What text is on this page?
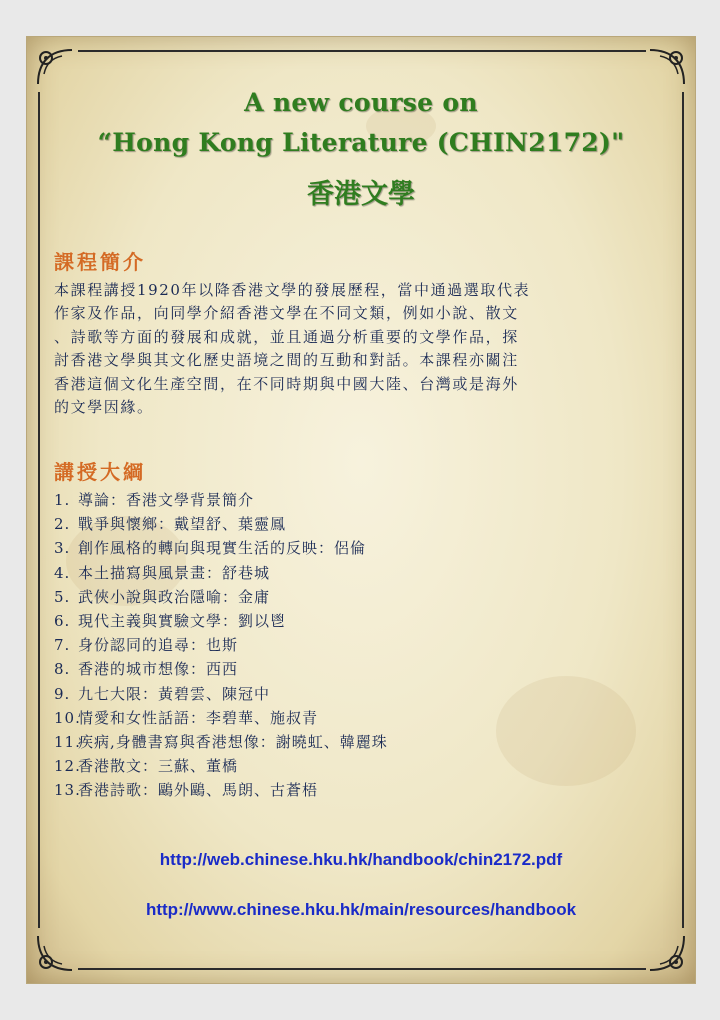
A new course on
“Hong Kong Literature (CHIN2172)"
香港文學
課程簡介
本課程講授1920年以降香港文學的發展歷程，當中通過選取代表
作家及作品，向同學介紹香港文學在不同文類，例如小說、散文
、詩歌等方面的發展和成就，並且通過分析重要的文學作品，探
討香港文學與其文化歷史語境之間的互動和對話。本課程亦關注
香港這個文化生產空間，在不同時期與中國大陸、台灣或是海外
的文學因緣。
講授大綱
1. 導論：香港文學背景簡介
2. 戰爭與懷鄉：戴望舒、葉靈鳳
3. 創作風格的轉向與現實生活的反映：侶倫
4. 本土描寫與風景畫：舒巷城
5. 武俠小說與政治隱喻：金庸
6. 現代主義與實驗文學：劉以鬯
7. 身份認同的追尋：也斯
8. 香港的城市想像：西西
9. 九七大限：黃碧雲、陳冠中
10.情愛和女性話語：李碧華、施叔青
11.疾病,身體書寫與香港想像：謝曉虹、韓麗珠
12.香港散文：三蘇、董橋
13.香港詩歌：鷗外鷗、馬朗、古蒼梧
http://web.chinese.hku.hk/handbook/chin2172.pdf
http://www.chinese.hku.hk/main/resources/handbook
